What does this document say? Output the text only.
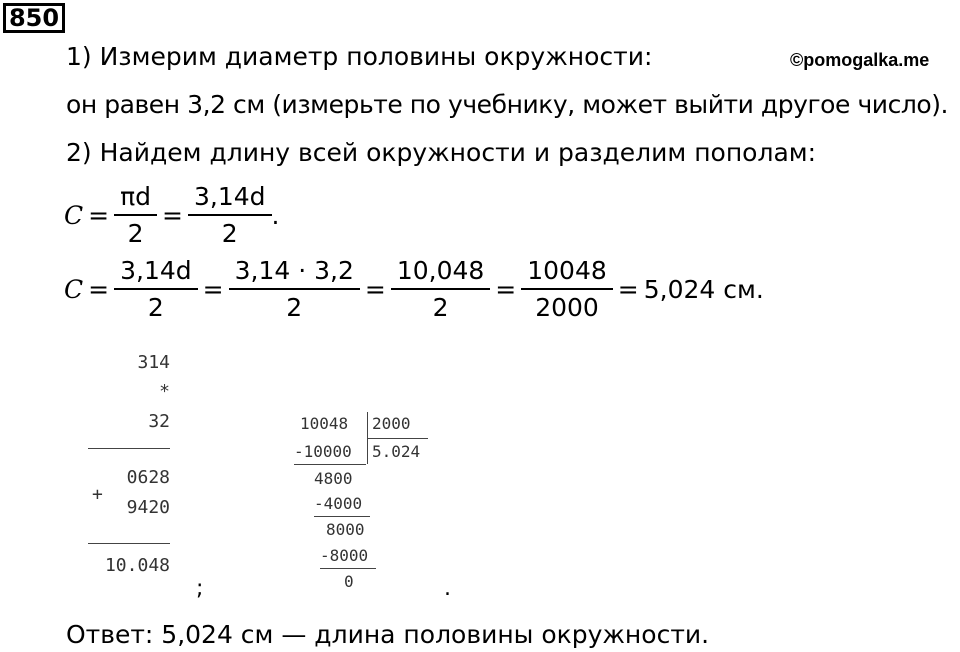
850
1) Измерим диаметр половины окружности:	©pomogalka.me
он равен 3,2 см (измерьте по учебнику, может выйти другое число).
2) Найдем длину всей окружности и разделим пополам:
$C = \frac{\pi d}{2} = \frac{3,14d}{2}$ .
$C = \frac{3,14d}{2} = \frac{3,14 \cdot 3,2}{2} = \frac{10,048}{2} = \frac{10048}{2000} = 5,024$ см.
314
*
32
0628
+
9420
10.048
;
10048 2000
-10000 5.024
4800
-4000
8000
-8000
0	.
Ответ: 5,024 см — длина половины окружности.
